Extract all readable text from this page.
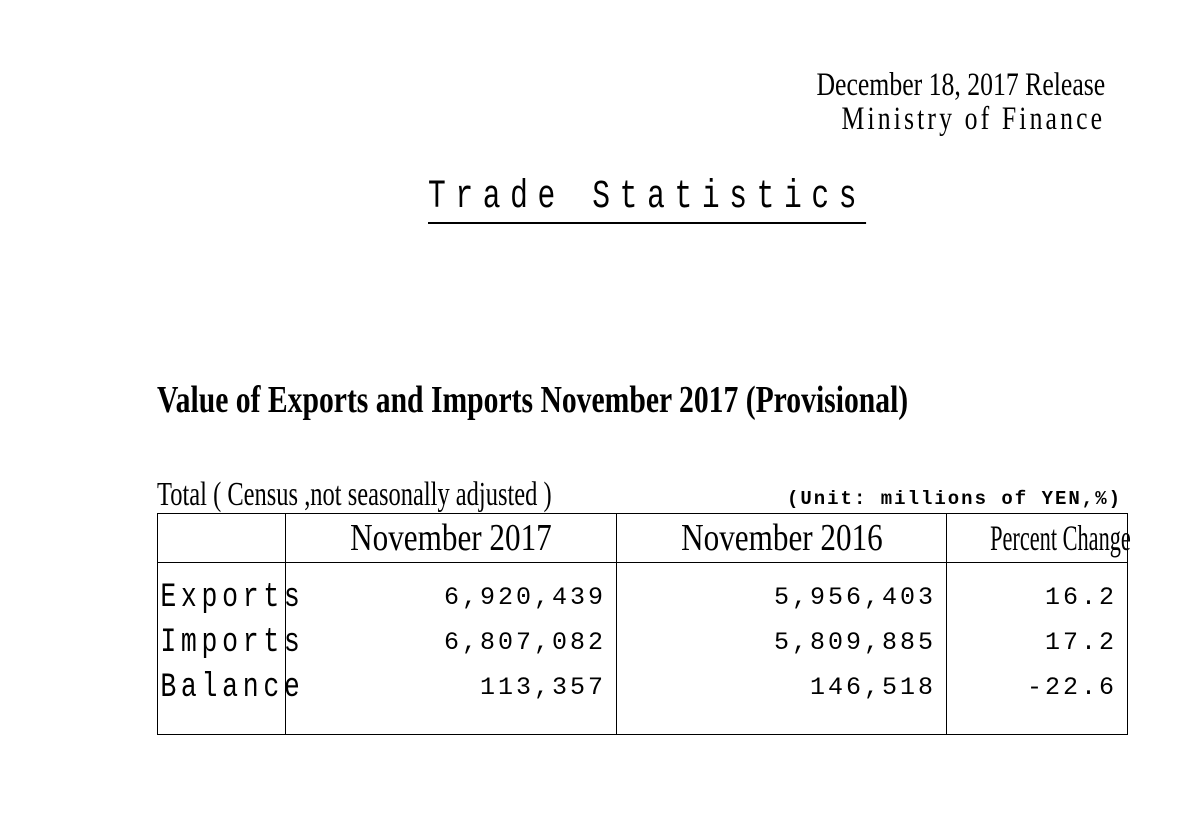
December 18, 2017 Release
Ministry of Finance
Trade Statistics
Value of Exports and Imports November 2017 (Provisional)
Total ( Census ,not seasonally adjusted )	(Unit: millions of YEN,%)
	November 2017	November 2016	Percent Change
Exports	6,920,439	5,956,403	16.2
Imports	6,807,082	5,809,885	17.2
Balance	113,357	146,518	-22.6
